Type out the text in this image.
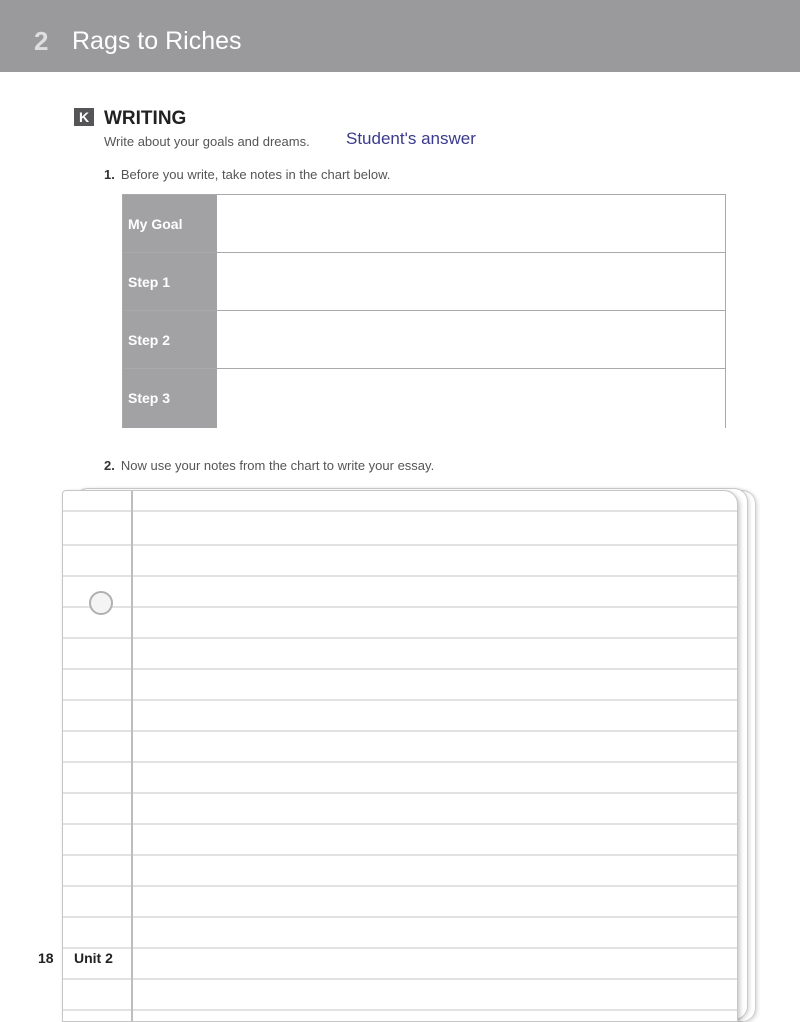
2 Rags to Riches
K WRITING
Write about your goals and dreams. Student's answer
1. Before you write, take notes in the chart below.
My Goal
Step 1
Step 2
Step 3
2. Now use your notes from the chart to write your essay.
18 Unit 2
